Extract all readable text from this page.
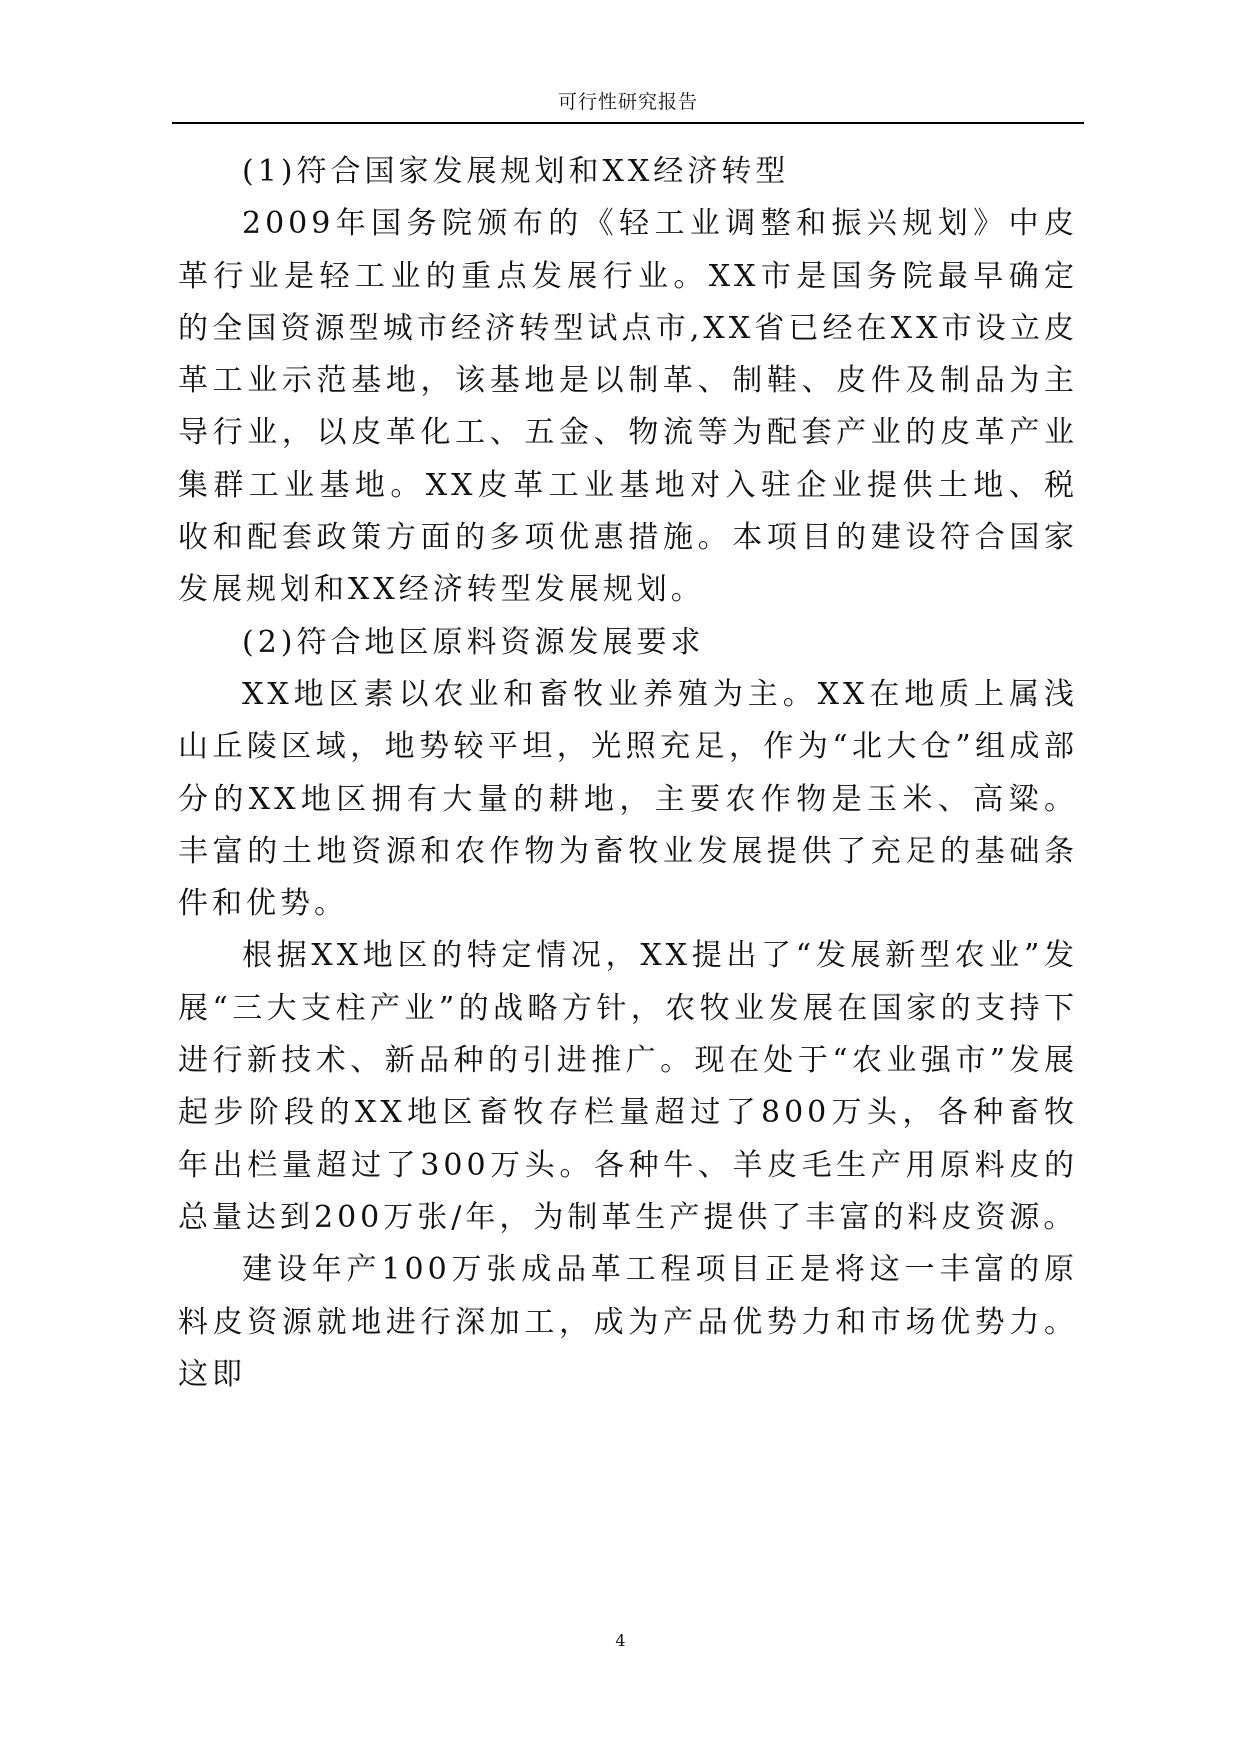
可行性研究报告

(1)符合国家发展规划和XX经济转型

2009年国务院颁布的《轻工业调整和振兴规划》中皮革行业是轻工业的重点发展行业。XX市是国务院最早确定的全国资源型城市经济转型试点市,XX省已经在XX市设立皮革工业示范基地，该基地是以制革、制鞋、皮件及制品为主导行业，以皮革化工、五金、物流等为配套产业的皮革产业集群工业基地。XX皮革工业基地对入驻企业提供土地、税收和配套政策方面的多项优惠措施。本项目的建设符合国家发展规划和XX经济转型发展规划。

(2)符合地区原料资源发展要求

XX地区素以农业和畜牧业养殖为主。XX在地质上属浅山丘陵区域，地势较平坦，光照充足，作为“北大仓”组成部分的XX地区拥有大量的耕地，主要农作物是玉米、高粱。丰富的土地资源和农作物为畜牧业发展提供了充足的基础条件和优势。

根据XX地区的特定情况，XX提出了“发展新型农业”发展“三大支柱产业”的战略方针，农牧业发展在国家的支持下进行新技术、新品种的引进推广。现在处于“农业强市”发展起步阶段的XX地区畜牧存栏量超过了800万头，各种畜牧年出栏量超过了300万头。各种牛、羊皮毛生产用原料皮的总量达到200万张/年，为制革生产提供了丰富的料皮资源。

建设年产100万张成品革工程项目正是将这一丰富的原料皮资源就地进行深加工，成为产品优势力和市场优势力。这即

4
